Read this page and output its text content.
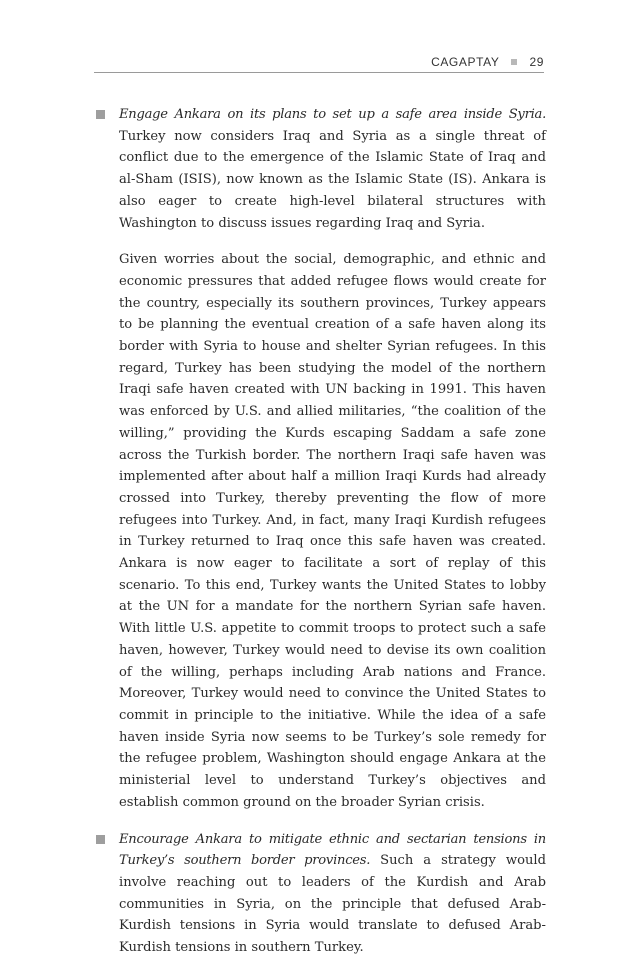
CAGAPTAY	29

Engage Ankara on its plans to set up a safe area inside Syria. Turkey now considers Iraq and Syria as a single threat of conflict due to the emergence of the Islamic State of Iraq and al-Sham (ISIS), now known as the Islamic State (IS). Ankara is also eager to create high-level bilateral structures with Washington to discuss issues regarding Iraq and Syria.

Given worries about the social, demographic, and ethnic and economic pressures that added refugee flows would create for the country, especially its southern provinces, Turkey appears to be planning the eventual creation of a safe haven along its border with Syria to house and shelter Syrian refugees. In this regard, Turkey has been studying the model of the northern Iraqi safe haven created with UN backing in 1991. This haven was enforced by U.S. and allied militaries, “the coalition of the willing,” providing the Kurds escaping Saddam a safe zone across the Turkish border. The northern Iraqi safe haven was implemented after about half a million Iraqi Kurds had already crossed into Turkey, thereby preventing the flow of more refugees into Turkey. And, in fact, many Iraqi Kurdish refugees in Turkey returned to Iraq once this safe haven was created. Ankara is now eager to facilitate a sort of replay of this scenario. To this end, Turkey wants the United States to lobby at the UN for a mandate for the northern Syrian safe haven. With little U.S. appetite to commit troops to protect such a safe haven, however, Turkey would need to devise its own coalition of the willing, perhaps including Arab nations and France. Moreover, Turkey would need to convince the United States to commit in principle to the initiative. While the idea of a safe haven inside Syria now seems to be Turkey’s sole remedy for the refugee problem, Washington should engage Ankara at the ministerial level to understand Turkey’s objectives and establish common ground on the broader Syrian crisis.

Encourage Ankara to mitigate ethnic and sectarian tensions in Turkey’s southern border provinces. Such a strategy would involve reaching out to leaders of the Kurdish and Arab communities in Syria, on the principle that defused Arab-Kurdish tensions in Syria would translate to defused Arab-Kurdish tensions in southern Turkey.
